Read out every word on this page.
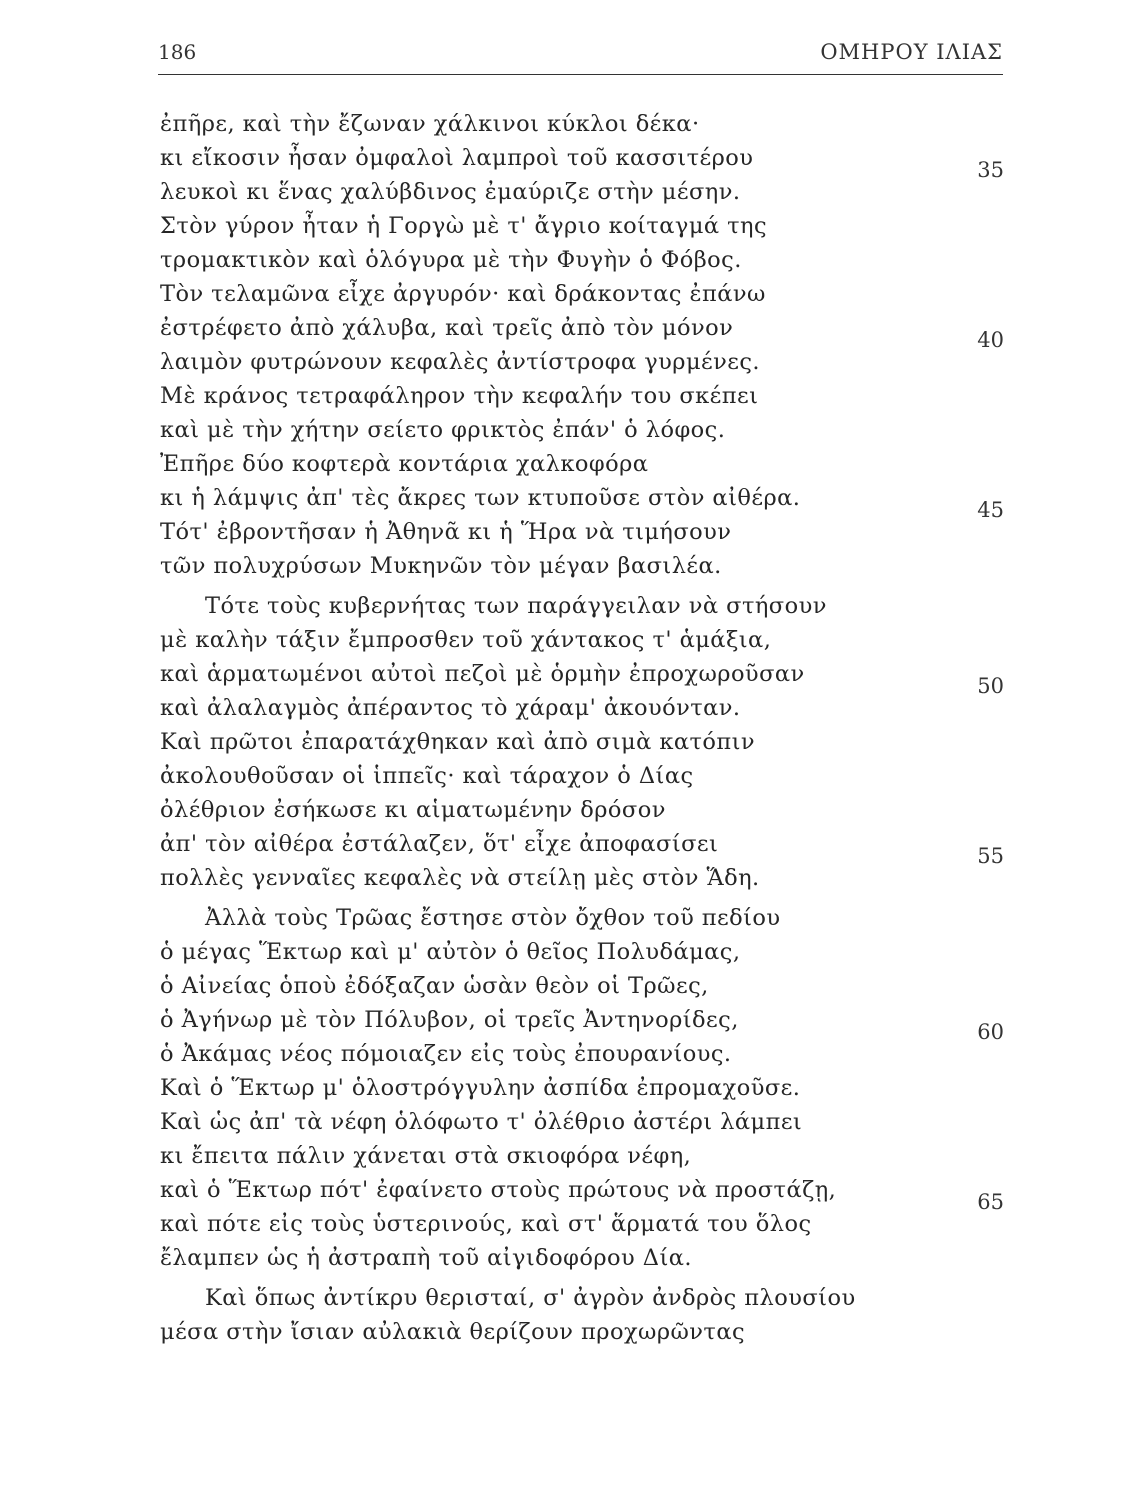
186	ΟΜΗΡΟΥ ΙΛΙΑΣ
ἐπῆρε, καὶ τὴν ἔζωναν χάλκινοι κύκλοι δέκα·
κι εἴκοσιν ἦσαν ὀμφαλοὶ λαμπροὶ τοῦ κασσιτέρου
λευκοὶ κι ἕνας χαλύβδινος ἐμαύριζε στὴν μέσην.
Στὸν γύρον ἦταν ἡ Γοργὼ μὲ τ' ἄγριο κοίταγμά της
τρομακτικὸν καὶ ὁλόγυρα μὲ τὴν Φυγὴν ὁ Φόβος.
Τὸν τελαμῶνα εἶχε ἀργυρόν· καὶ δράκοντας ἐπάνω
ἐστρέφετο ἀπὸ χάλυβα, καὶ τρεῖς ἀπὸ τὸν μόνον
λαιμὸν φυτρώνουν κεφαλὲς ἀντίστροφα γυρμένες.
Μὲ κράνος τετραφάληρον τὴν κεφαλήν του σκέπει
καὶ μὲ τὴν χήτην σείετο φρικτὸς ἐπάν' ὁ λόφος.
Ἐπῆρε δύο κοφτερὰ κοντάρια χαλκοφόρα
κι ἡ λάμψις ἀπ' τὲς ἄκρες των κτυποῦσε στὸν αἰθέρα.
Τότ' ἐβροντῆσαν ἡ Ἀθηνᾶ κι ἡ Ἥρα νὰ τιμήσουν
τῶν πολυχρύσων Μυκηνῶν τὸν μέγαν βασιλέα.
Τότε τοὺς κυβερνήτας των παράγγειλαν νὰ στήσουν
μὲ καλὴν τάξιν ἔμπροσθεν τοῦ χάντακος τ' ἁμάξια,
καὶ ἁρματωμένοι αὐτοὶ πεζοὶ μὲ ὁρμὴν ἐπροχωροῦσαν
καὶ ἀλαλαγμὸς ἀπέραντος τὸ χάραμ' ἀκουόνταν.
Καὶ πρῶτοι ἐπαρατάχθηκαν καὶ ἀπὸ σιμὰ κατόπιν
ἀκολουθοῦσαν οἱ ἱππεῖς· καὶ τάραχον ὁ Δίας
ὀλέθριον ἐσήκωσε κι αἱματωμένην δρόσον
ἀπ' τὸν αἰθέρα ἐστάλαζεν, ὅτ' εἶχε ἀποφασίσει
πολλὲς γενναῖες κεφαλὲς νὰ στείλῃ μὲς στὸν Ἅδη.
Ἀλλὰ τοὺς Τρῶας ἔστησε στὸν ὄχθον τοῦ πεδίου
ὁ μέγας Ἕκτωρ καὶ μ' αὐτὸν ὁ θεῖος Πολυδάμας,
ὁ Αἰνείας ὁποὺ ἐδόξαζαν ὡσὰν θεὸν οἱ Τρῶες,
ὁ Ἀγήνωρ μὲ τὸν Πόλυβον, οἱ τρεῖς Ἀντηνορίδες,
ὁ Ἀκάμας νέος πόμοιαζεν εἰς τοὺς ἐπουρανίους.
Καὶ ὁ Ἕκτωρ μ' ὁλοστρόγγυλην ἀσπίδα ἐπρομαχοῦσε.
Καὶ ὡς ἀπ' τὰ νέφη ὁλόφωτο τ' ὀλέθριο ἀστέρι λάμπει
κι ἔπειτα πάλιν χάνεται στὰ σκιοφόρα νέφη,
καὶ ὁ Ἕκτωρ πότ' ἐφαίνετο στοὺς πρώτους νὰ προστάζῃ,
καὶ πότε εἰς τοὺς ὑστερινούς, καὶ στ' ἅρματά του ὅλος
ἔλαμπεν ὡς ἡ ἀστραπὴ τοῦ αἰγιδοφόρου Δία.
Καὶ ὅπως ἀντίκρυ θερισταί, σ' ἀγρὸν ἀνδρὸς πλουσίου
μέσα στὴν ἴσιαν αὐλακιὰ θερίζουν προχωρῶντας
35
40
45
50
55
60
65
